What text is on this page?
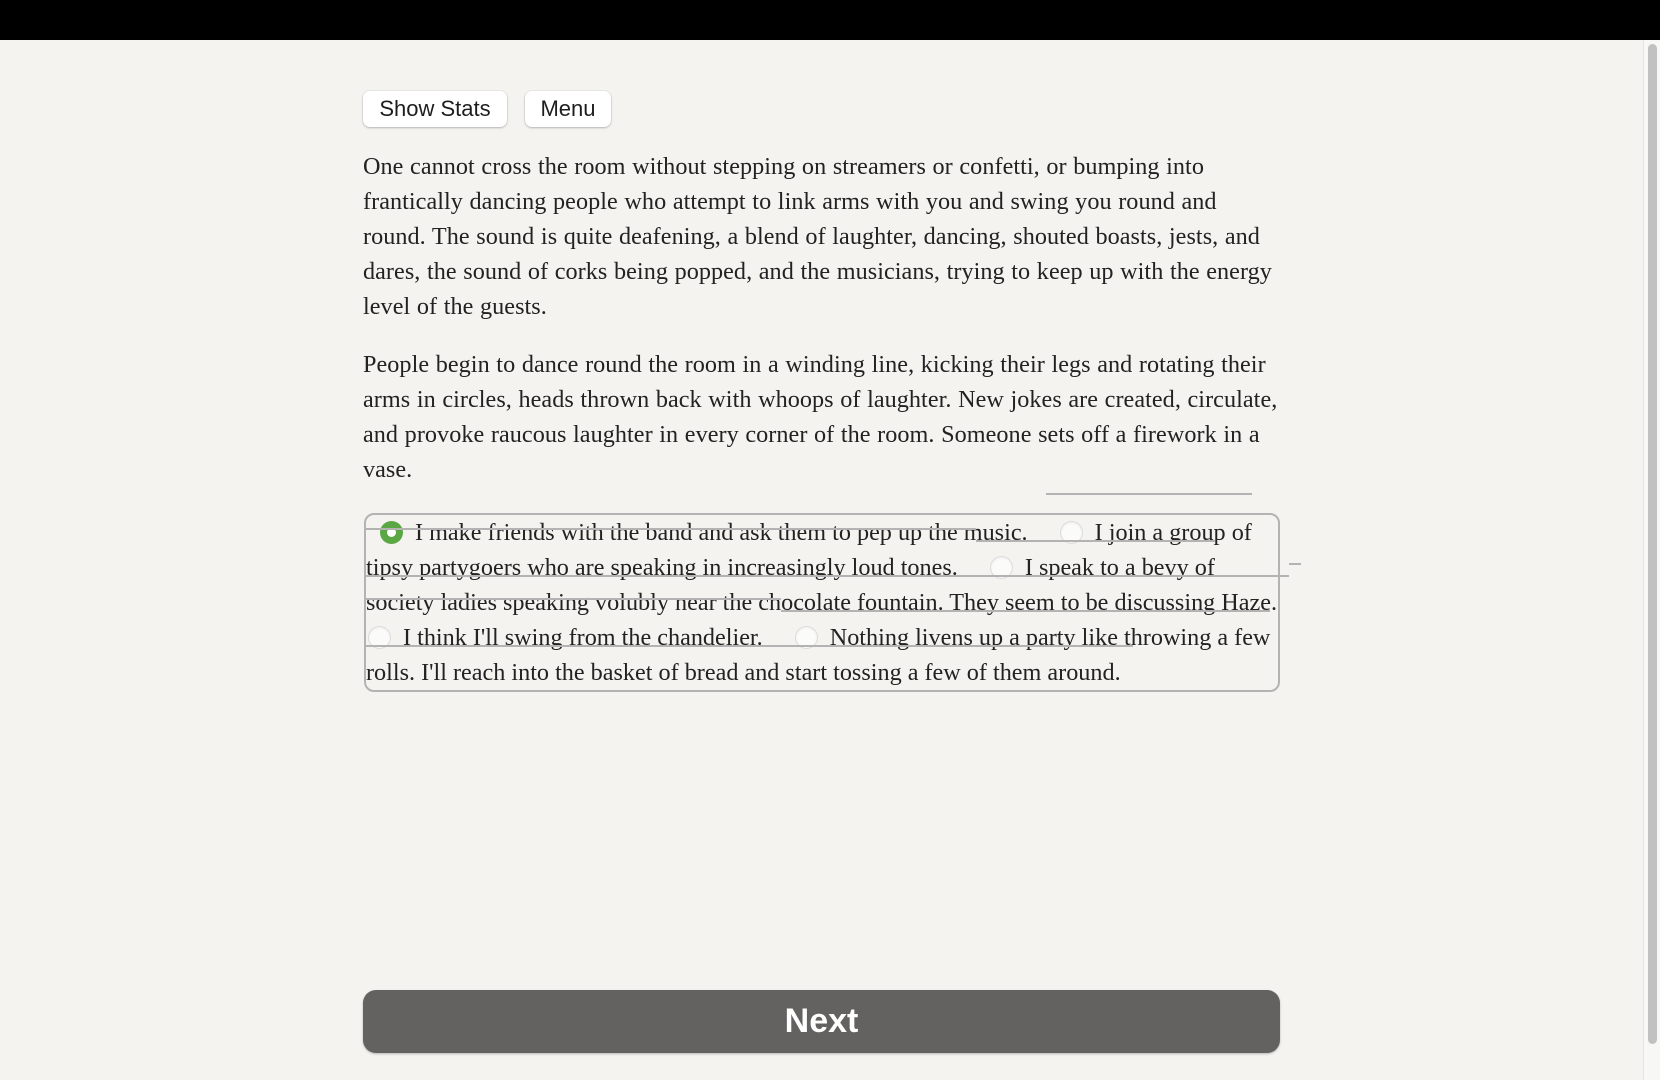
Show Stats	Menu

One cannot cross the room without stepping on streamers or confetti, or bumping into frantically dancing people who attempt to link arms with you and swing you round and round. The sound is quite deafening, a blend of laughter, dancing, shouted boasts, jests, and dares, the sound of corks being popped, and the musicians, trying to keep up with the energy level of the guests.

People begin to dance round the room in a winding line, kicking their legs and rotating their arms in circles, heads thrown back with whoops of laughter. New jokes are created, circulate, and provoke raucous laughter in every corner of the room. Someone sets off a firework in a vase.

I make friends with the band and ask them to pep up the music.	I join a group of tipsy partygoers who are speaking in increasingly loud tones.	I speak to a bevy of society ladies speaking volubly near the chocolate fountain. They seem to be discussing Haze. I think I'll swing from the chandelier.	Nothing livens up a party like throwing a few rolls. I'll reach into the basket of bread and start tossing a few of them around.
Next
